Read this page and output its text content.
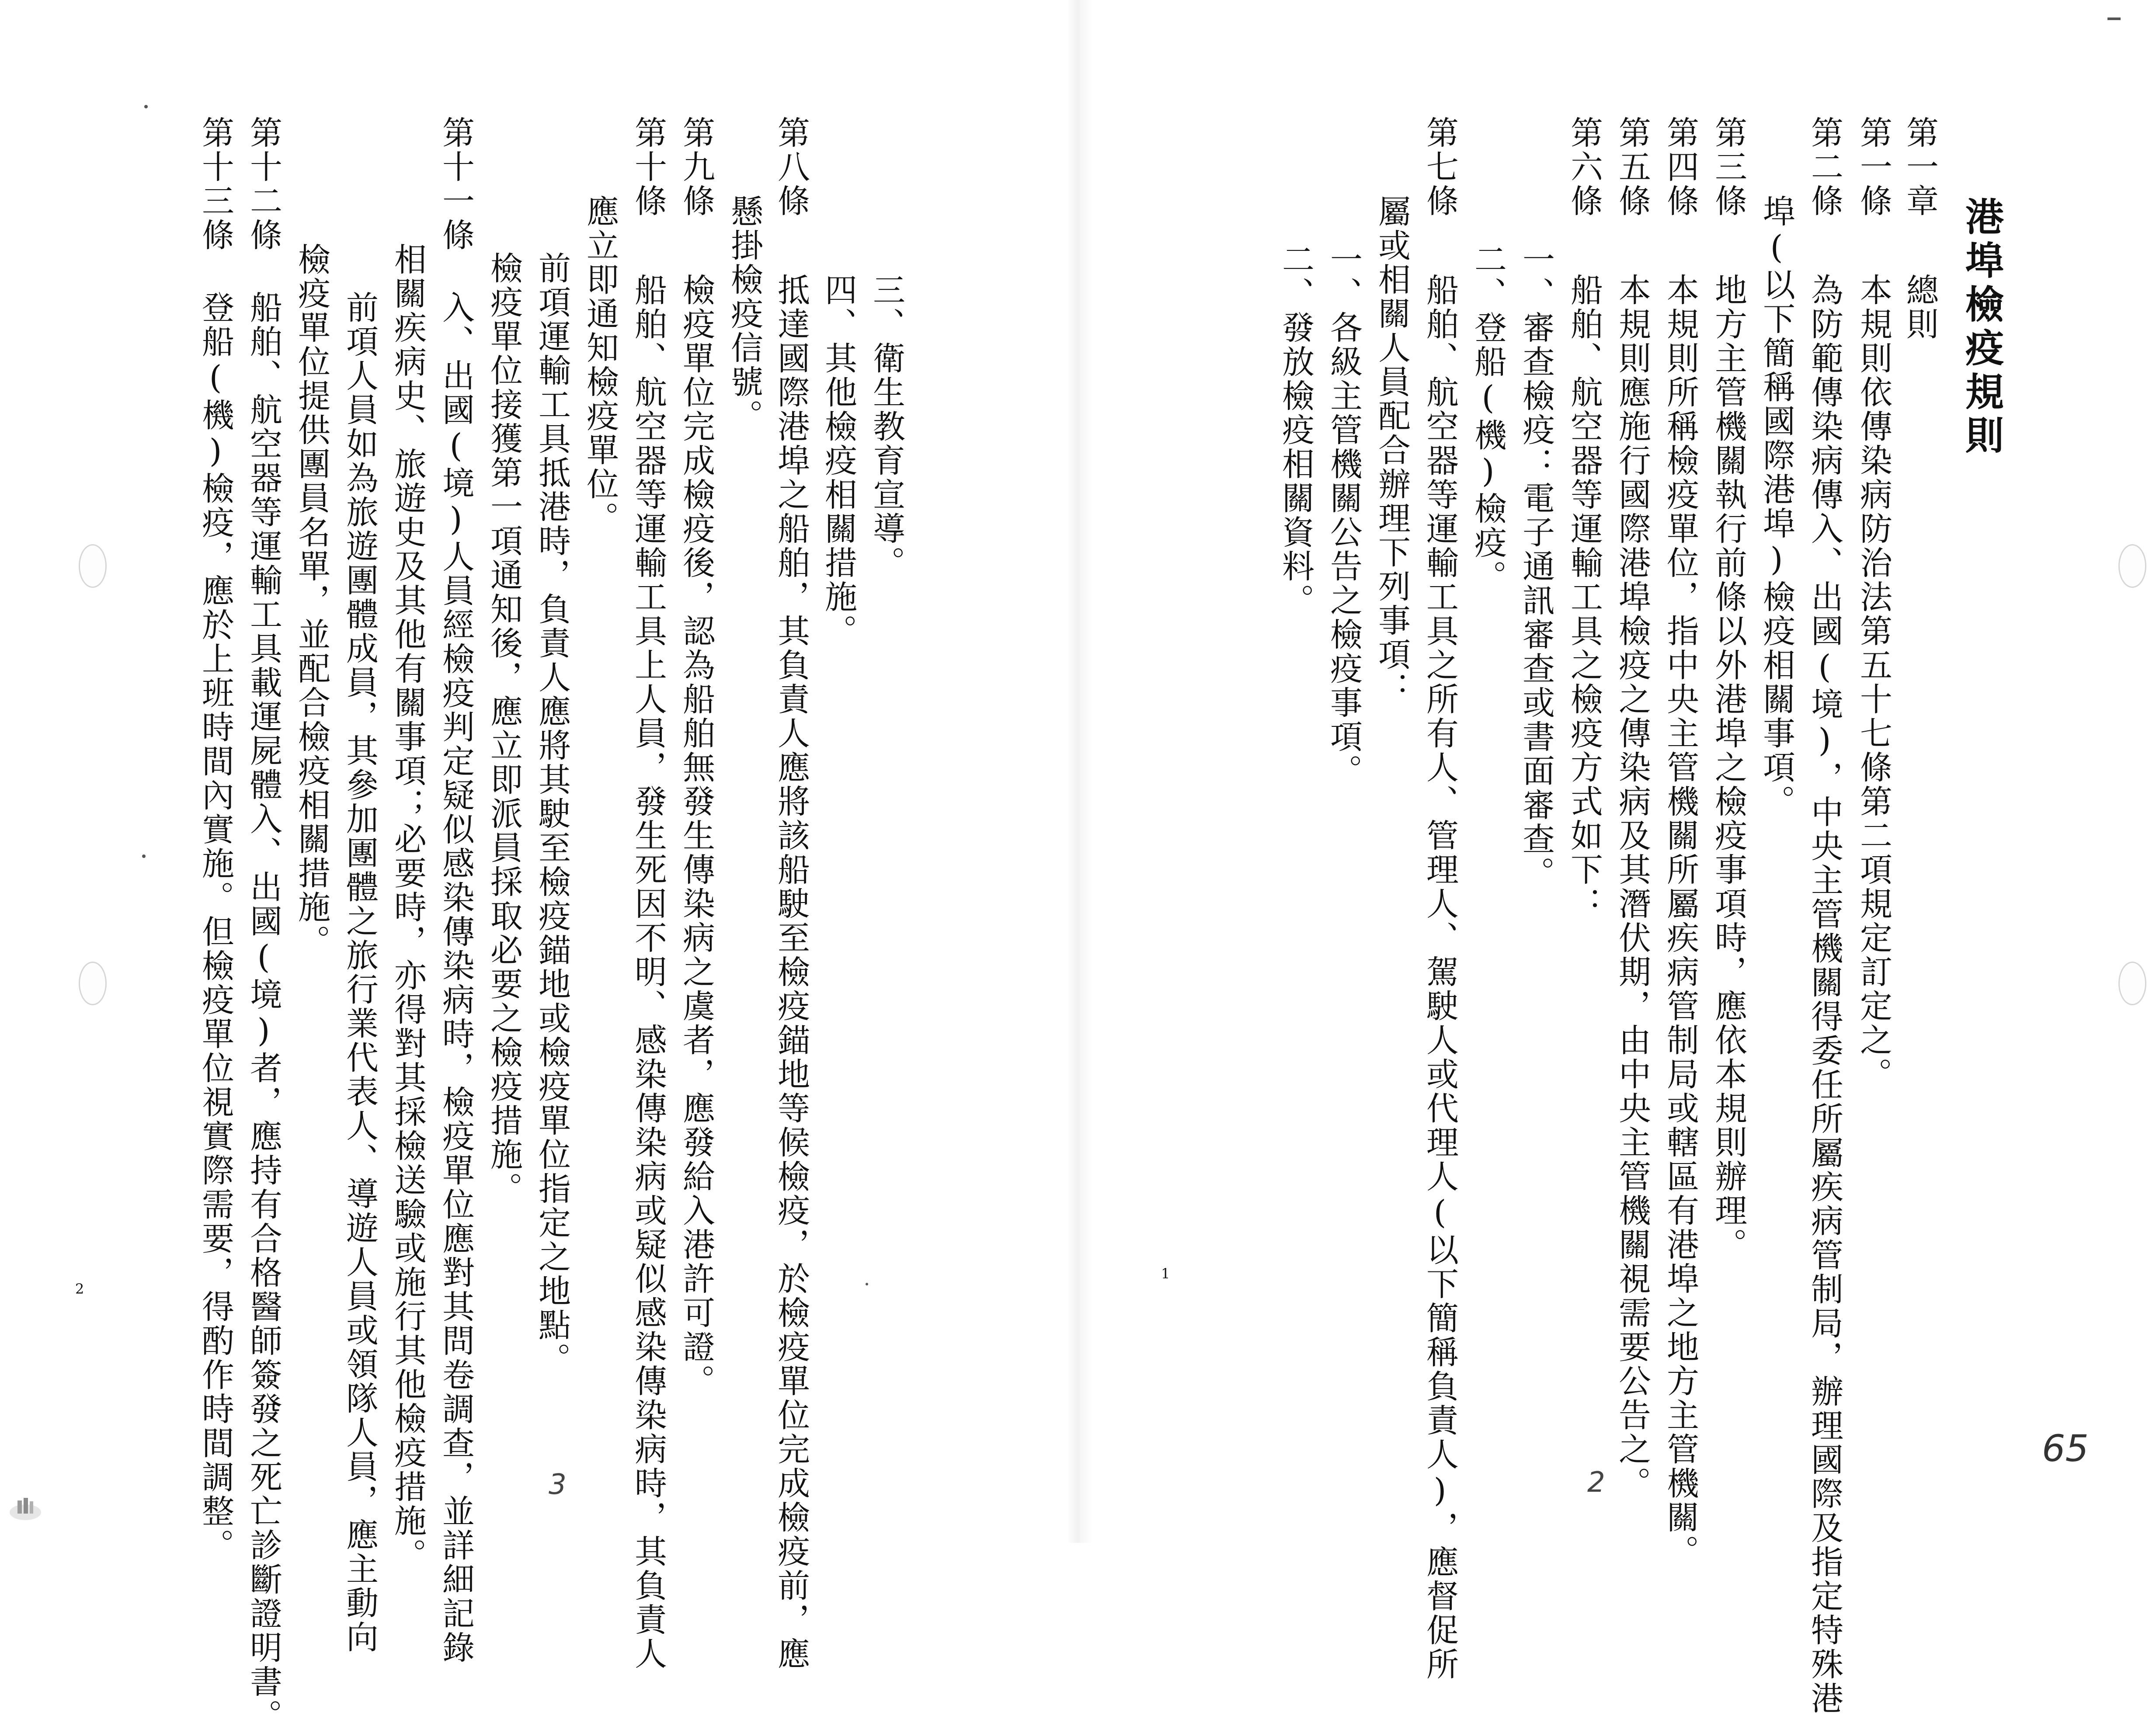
港埠檢疫規則
第一章
總則
第一條
本規則依傳染病防治法第五十七條第二項規定訂定之。
第二條
為防範傳染病傳入、出國(境)，中央主管機關得委任所屬疾病管制局，辦理國際及指定特殊港
埠(以下簡稱國際港埠)檢疫相關事項。
第三條
地方主管機關執行前條以外港埠之檢疫事項時，應依本規則辦理。
第四條
本規則所稱檢疫單位，指中央主管機關所屬疾病管制局或轄區有港埠之地方主管機關。
第五條
本規則應施行國際港埠檢疫之傳染病及其潛伏期，由中央主管機關視需要公告之。
第六條
船舶、航空器等運輸工具之檢疫方式如下：
一、審查檢疫：電子通訊審查或書面審查。
二、登船(機)檢疫。
第七條
船舶、航空器等運輸工具之所有人、管理人、駕駛人或代理人(以下簡稱負責人)，應督促所
屬或相關人員配合辦理下列事項：
一、各級主管機關公告之檢疫事項。
二、發放檢疫相關資料。
1
2
65
三、衛生教育宣導。
四、其他檢疫相關措施。
第八條
抵達國際港埠之船舶，其負責人應將該船駛至檢疫錨地等候檢疫，於檢疫單位完成檢疫前，應
懸掛檢疫信號。
第九條
檢疫單位完成檢疫後，認為船舶無發生傳染病之虞者，應發給入港許可證。
第十條
船舶、航空器等運輸工具上人員，發生死因不明、感染傳染病或疑似感染傳染病時，其負責人
應立即通知檢疫單位。
前項運輸工具抵港時，負責人應將其駛至檢疫錨地或檢疫單位指定之地點。
檢疫單位接獲第一項通知後，應立即派員採取必要之檢疫措施。
第十一條
入、出國(境)人員經檢疫判定疑似感染傳染病時，檢疫單位應對其問卷調查，並詳細記錄
相關疾病史、旅遊史及其他有關事項；必要時，亦得對其採檢送驗或施行其他檢疫措施。
前項人員如為旅遊團體成員，其參加團體之旅行業代表人、導遊人員或領隊人員，應主動向
檢疫單位提供團員名單，並配合檢疫相關措施。
第十二條
船舶、航空器等運輸工具載運屍體入、出國(境)者，應持有合格醫師簽發之死亡診斷證明書。
第十三條
登船(機)檢疫，應於上班時間內實施。但檢疫單位視實際需要，得酌作時間調整。
2
3
